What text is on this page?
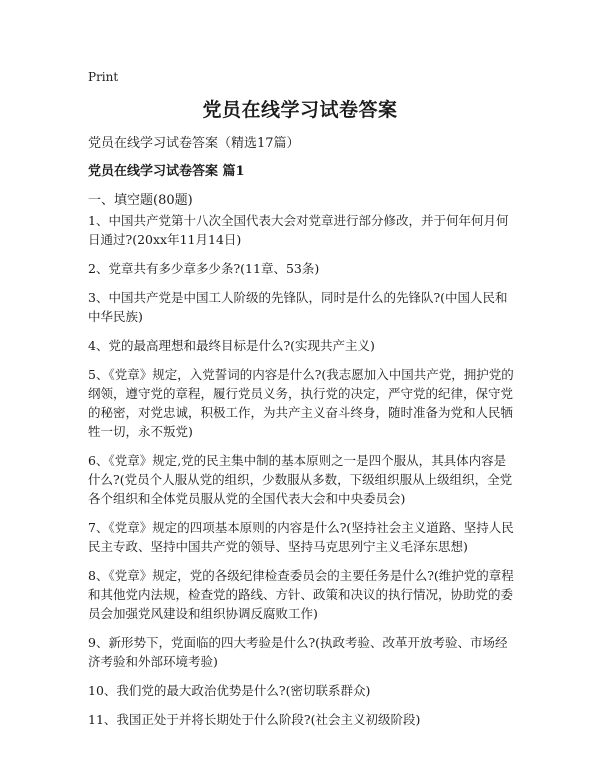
Print
党员在线学习试卷答案
党员在线学习试卷答案（精选17篇）
党员在线学习试卷答案 篇1
一、填空题(80题)
1、中国共产党第十八次全国代表大会对党章进行部分修改，并于何年何月何日通过?(20xx年11月14日)
2、党章共有多少章多少条?(11章、53条)
3、中国共产党是中国工人阶级的先锋队，同时是什么的先锋队?(中国人民和中华民族)
4、党的最高理想和最终目标是什么?(实现共产主义)
5、《党章》规定，入党誓词的内容是什么?(我志愿加入中国共产党，拥护党的纲领，遵守党的章程，履行党员义务，执行党的决定，严守党的纪律，保守党的秘密，对党忠诚，积极工作，为共产主义奋斗终身，随时准备为党和人民牺牲一切，永不叛党)
6、《党章》规定,党的民主集中制的基本原则之一是四个服从，其具体内容是什么?(党员个人服从党的组织，少数服从多数，下级组织服从上级组织，全党各个组织和全体党员服从党的全国代表大会和中央委员会)
7、《党章》规定的四项基本原则的内容是什么?(坚持社会主义道路、坚持人民民主专政、坚持中国共产党的领导、坚持马克思列宁主义毛泽东思想)
8、《党章》规定，党的各级纪律检查委员会的主要任务是什么?(维护党的章程和其他党内法规，检查党的路线、方针、政策和决议的执行情况，协助党的委员会加强党风建设和组织协调反腐败工作)
9、新形势下，党面临的四大考验是什么?(执政考验、改革开放考验、市场经济考验和外部环境考验)
10、我们党的最大政治优势是什么?(密切联系群众)
11、我国正处于并将长期处于什么阶段?(社会主义初级阶段)
